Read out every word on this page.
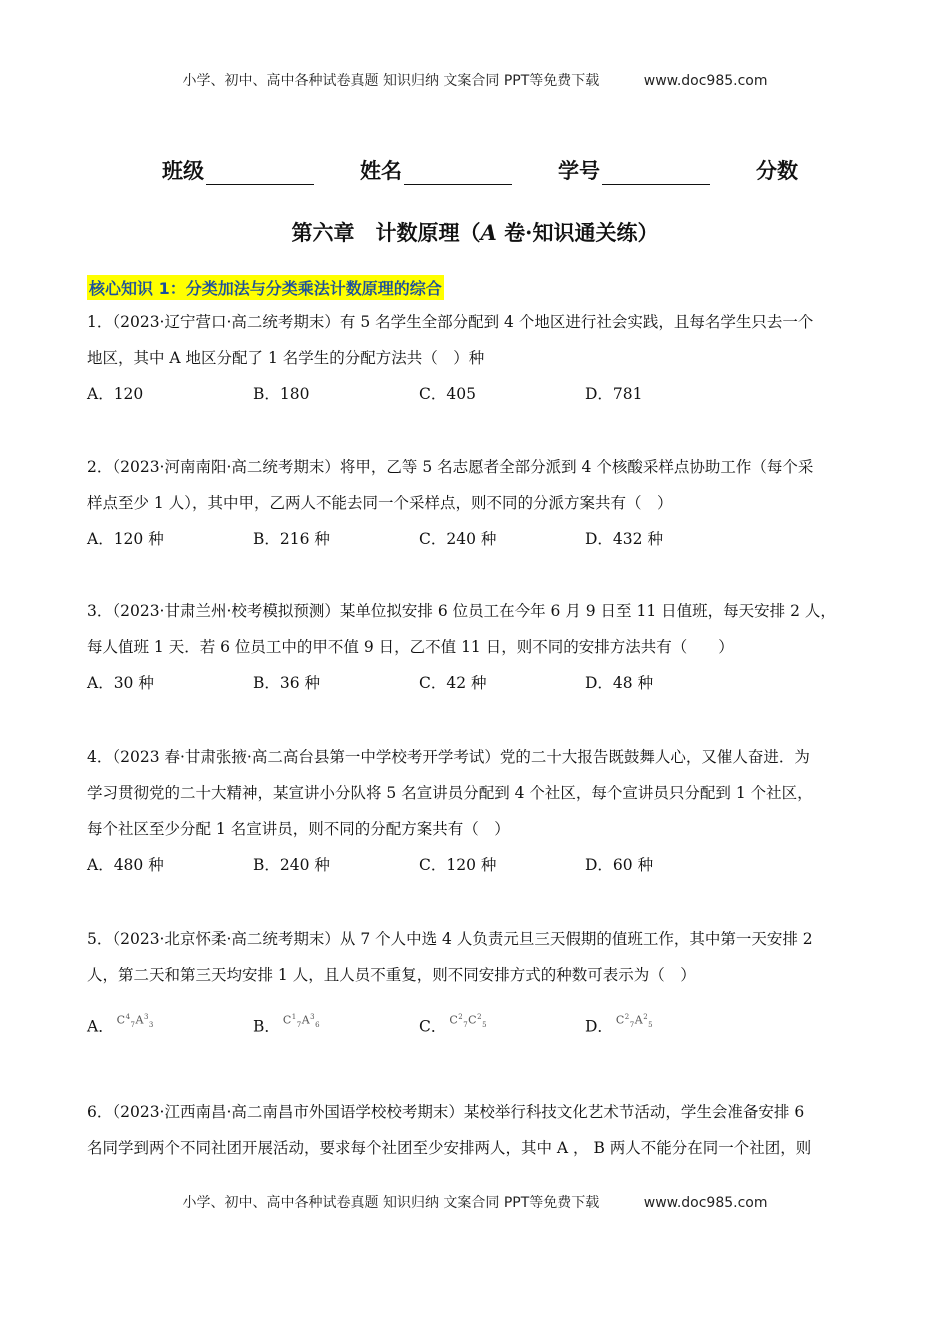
小学、初中、高中各种试卷真题 知识归纳 文案合同 PPT等免费下载	www.doc985.com
班级	姓名	学号	分数
第六章　计数原理（A 卷·知识通关练）
核心知识 1：分类加法与分类乘法计数原理的综合
1．（2023·辽宁营口·高二统考期末）有 5 名学生全部分配到 4 个地区进行社会实践，且每名学生只去一个
地区，其中 A 地区分配了 1 名学生的分配方法共（　）种
A．120	B．180	C．405	D．781
2．（2023·河南南阳·高二统考期末）将甲，乙等 5 名志愿者全部分派到 4 个核酸采样点协助工作（每个采
样点至少 1 人），其中甲，乙两人不能去同一个采样点，则不同的分派方案共有（　）
A．120 种	B．216 种	C．240 种	D．432 种
3．（2023·甘肃兰州·校考模拟预测）某单位拟安排 6 位员工在今年 6 月 9 日至 11 日值班，每天安排 2 人，
每人值班 1 天．若 6 位员工中的甲不值 9 日，乙不值 11 日，则不同的安排方法共有（　　）
A．30 种	B．36 种	C．42 种	D．48 种
4．（2023 春·甘肃张掖·高二高台县第一中学校考开学考试）党的二十大报告既鼓舞人心，又催人奋进．为
学习贯彻党的二十大精神，某宣讲小分队将 5 名宣讲员分配到 4 个社区，每个宣讲员只分配到 1 个社区，
每个社区至少分配 1 名宣讲员，则不同的分配方案共有（　）
A．480 种	B．240 种	C．120 种	D．60 种
5．（2023·北京怀柔·高二统考期末）从 7 个人中选 4 人负责元旦三天假期的值班工作，其中第一天安排 2
人，第二天和第三天均安排 1 人，且人员不重复，则不同安排方式的种数可表示为（　）
A． $C^4_7A^3_3$	B． $C^1_7A^3_6$	C． $C^2_7C^2_5$	D． $C^2_7A^2_5$
6．（2023·江西南昌·高二南昌市外国语学校校考期末）某校举行科技文化艺术节活动，学生会准备安排 6
名同学到两个不同社团开展活动，要求每个社团至少安排两人，其中 A ， B 两人不能分在同一个社团，则
小学、初中、高中各种试卷真题 知识归纳 文案合同 PPT等免费下载	www.doc985.com
